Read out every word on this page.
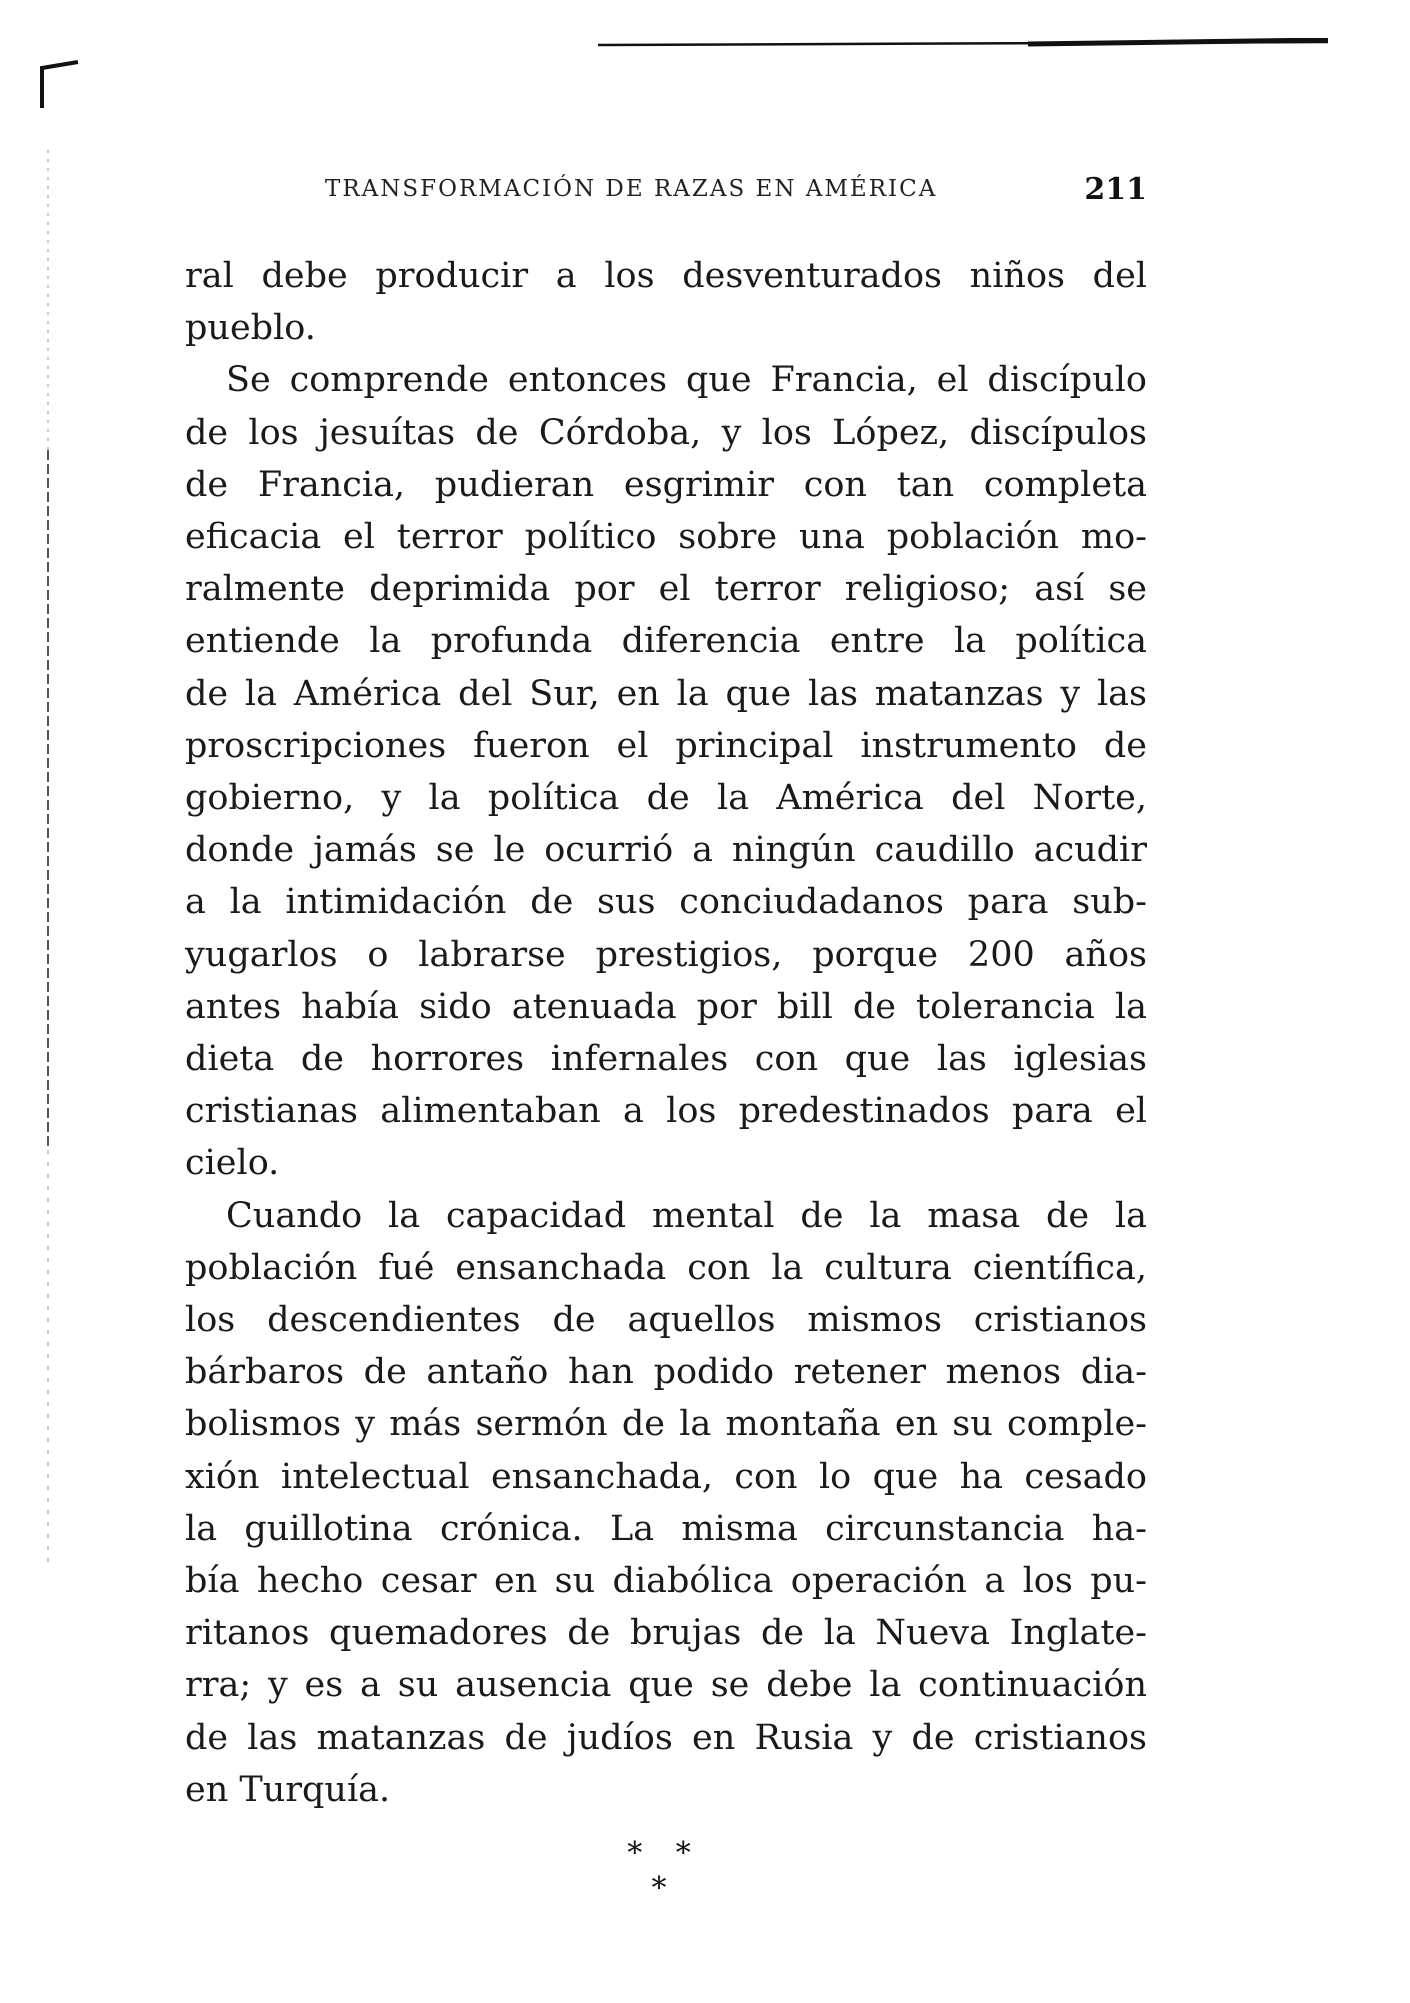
TRANSFORMACIÓN DE RAZAS EN AMÉRICA	211

ral debe producir a los desventurados niños del
pueblo.

Se comprende entonces que Francia, el discípulo
de los jesuítas de Córdoba, y los López, discípulos
de Francia, pudieran esgrimir con tan completa
eficacia el terror político sobre una población mo-
ralmente deprimida por el terror religioso; así se
entiende la profunda diferencia entre la política
de la América del Sur, en la que las matanzas y las
proscripciones fueron el principal instrumento de
gobierno, y la política de la América del Norte,
donde jamás se le ocurrió a ningún caudillo acudir
a la intimidación de sus conciudadanos para sub-
yugarlos o labrarse prestigios, porque 200 años
antes había sido atenuada por bill de tolerancia la
dieta de horrores infernales con que las iglesias
cristianas alimentaban a los predestinados para el
cielo.

Cuando la capacidad mental de la masa de la
población fué ensanchada con la cultura científica,
los descendientes de aquellos mismos cristianos
bárbaros de antaño han podido retener menos dia-
bolismos y más sermón de la montaña en su comple-
xión intelectual ensanchada, con lo que ha cesado
la guillotina crónica. La misma circunstancia ha-
bía hecho cesar en su diabólica operación a los pu-
ritanos quemadores de brujas de la Nueva Inglate-
rra; y es a su ausencia que se debe la continuación
de las matanzas de judíos en Rusia y de cristianos
en Turquía.

* * *
